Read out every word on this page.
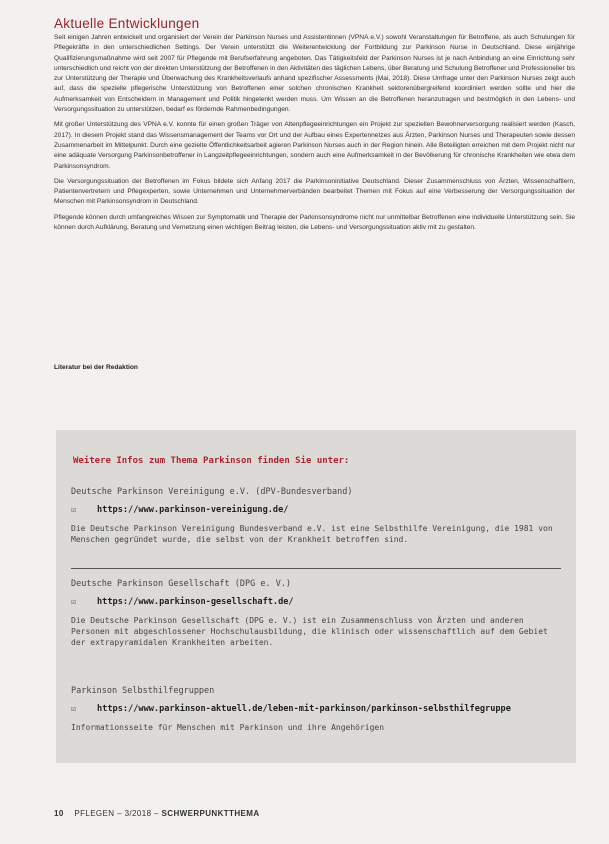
Aktuelle Entwicklungen

Seit einigen Jahren entwickelt und organisiert der Verein der Parkinson Nurses und Assistentinnen (VPNA e.V.) sowohl Veranstaltungen für Betroffene, als auch Schulungen für Pflegekräfte in den unterschiedlichen Settings. Der Verein unterstützt die Weiterentwicklung der Fortbildung zur Parkinson Nurse in Deutschland. Diese einjährige Qualifizierungsmaßnahme wird seit 2007 für Pflegende mit Berufserfahrung angeboten. Das Tätigkeitsfeld der Parkinson Nurses ist je nach Anbindung an eine Einrichtung sehr unterschiedlich und reicht von der direkten Unterstützung der Betroffenen in den Aktivitäten des täglichen Lebens, über Beratung und Schulung Betroffener und Professioneller bis zur Unterstützung der Therapie und Überwachung des Krankheitsverlaufs anhand spezifischer Assessments (Mai, 2018). Diese Umfrage unter den Parkinson Nurses zeigt auch auf, dass die spezielle pflegerische Unterstützung von Betroffenen einer solchen chronischen Krankheit sektorenübergreifend koordiniert werden sollte und hier die Aufmerksamkeit von Entscheidern in Management und Politik hingelenkt werden muss. Um Wissen an die Betroffenen heranzutragen und bestmöglich in den Lebens- und Versorgungssituation zu unterstützen, bedarf es fördernde Rahmenbedingungen.

Mit großer Unterstützung des VPNA e.V. konnte für einen großen Träger von Altenpflegeeinrichtungen ein Projekt zur speziellen Bewohnerversorgung realisiert werden (Kasch, 2017). In diesem Projekt stand das Wissensmanagement der Teams vor Ort und der Aufbau eines Expertennetzes aus Ärzten, Parkinson Nurses und Therapeuten sowie dessen Zusammenarbeit im Mittelpunkt. Durch eine gezielte Öffentlichkeitsarbeit agieren Parkinson Nurses auch in der Region hinein. Alle Beteiligten erreichen mit dem Projekt nicht nur eine adäquate Versorgung Parkinsonbetroffener in Langzeitpflegeeinrichtungen, sondern auch eine Aufmerksamkeit in der Bevölkerung für chronische Krankheiten wie etwa dem Parkinsonsyndrom.

Die Versorgungssituation der Betroffenen im Fokus bildete sich Anfang 2017 die Parkinsoninitiative Deutschland. Dieser Zusammenschluss von Ärzten, Wissenschaftlern, Patientenvertretern und Pflegexperten, sowie Unternehmen und Unternehmerverbänden bearbeitet Themen mit Fokus auf eine Verbesserung der Versorgungssituation der Menschen mit Parkinsonsyndrom in Deutschland.

Pflegende können durch umfangreiches Wissen zur Symptomatik und Therapie der Parkinsonsyndrome nicht nur unmittelbar Betroffenen eine individuelle Unterstützung sein. Sie können durch Aufklärung, Beratung und Vernetzung einen wichtigen Beitrag leisten, die Lebens- und Versorgungssituation aktiv mit zu gestalten.

Literatur bei der Redaktion
Weitere Infos zum Thema Parkinson finden Sie unter:
Deutsche Parkinson Vereinigung e.V. (dPV-Bundesverband)
☑	https://www.parkinson-vereinigung.de/
Die Deutsche Parkinson Vereinigung Bundesverband e.V. ist eine Selbsthilfe Vereinigung, die 1981 von Menschen gegründet wurde, die selbst von der Krankheit betroffen sind.
Deutsche Parkinson Gesellschaft (DPG e. V.)
☑	https://www.parkinson-gesellschaft.de/
Die Deutsche Parkinson Gesellschaft (DPG e. V.) ist ein Zusammenschluss von Ärzten und anderen Personen mit abgeschlossener Hochschulausbildung, die klinisch oder wissenschaftlich auf dem Gebiet der extrapyramidalen Krankheiten arbeiten.
Parkinson Selbsthilfegruppen
☑	https://www.parkinson-aktuell.de/leben-mit-parkinson/parkinson-selbsthilfegruppe
Informationsseite für Menschen mit Parkinson und ihre Angehörigen
10 PFLEGEN – 3/2018 – SCHWERPUNKTTHEMA
